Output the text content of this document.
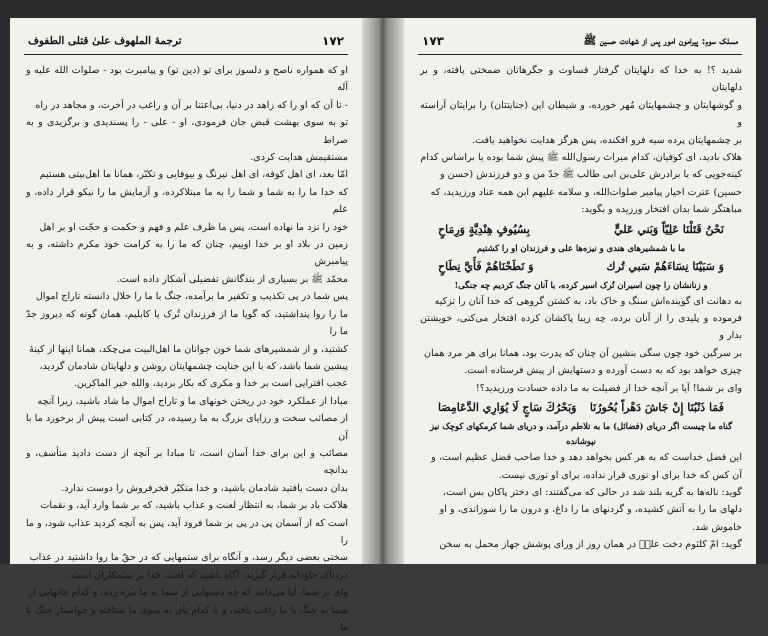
۱۷۲
ترجمهٔ الملهوف علیٰ قتلی الطفوف

او که همواره ناصح و دلسوز برای تو (دین تو) و پیامبرت بود - صلوات الله علیه و آله

- تا آن که او را که زاهد در دنیا، بی‌اعتنا بر آن و راغب در آخرت، و مجاهد در راه

تو به سوی بهشت قبض جان فرمودی، او - علی - را پسندیدی و برگزیدی و به صراط

مستقیمش هدایت کردی.

امّا بعد، ای اهل کوفه، ای اهل نیرنگ و بیوفایی و تکبّر، همانا ما اهل‌بیتی هستیم

که خدا ما را به شما و شما را به ما مبتلاکرده، و آزمایش ما را نیکو قرار داده، و علم

خود را نزد ما نهاده است، پس ما ظرف علم و فهم و حکمت و حجّت او بر اهل

زمین در بلاد او بر خدا اوییم، چنان که ما را به کرامت خود مکرم داشته، و به پیامبرش

محمّد ﷺ بر بسیاری از بندگانش تفضیلی آشکار داده است.

پس شما در پی تکذیب و تکفیر ما برآمده، جنگ با ما را حلال دانسته تاراج اموال

ما را روا پنداشتید، که گویا ما از فرزندان تُرک یا کابلیم، همان گونه که دیروز جدّ ما را

کشتید، و از شمشیرهای شما خون جوانان ما اهل‌البیت می‌چکد، همانا اینها از کینهٔ

پیشین شما باشد، که با این جنایت چشمهایتان روشن و دلهایتان شادمان گردید،

عجب افترایی است بر خدا و مکری که بکار بردید، والله خیر الماکرین.

مبادا از عملکرد خود در ریختن خونهای ما و تاراج اموال ما شاد باشید، زیرا آنچه

از مصائب سخت و رزایای بزرگ به ما رسیده، در کتابی است پیش از برخورد ما با آن

مصائب و این برای خدا آسان است، تا مبادا بر آنچه از دست دادید متأسف، و بدانچه

بدان دست یافتید شادمان باشید، و خدا متکبّر فخرفروش را دوست ندارد.

هلاکت باد بر شما، به انتظار لعنت و عذاب باشید، که بر شما وارد آید، و نقمات

است که از آسمان پی در پی بر شما فرود آید، پس به آنچه کردید عذاب شود، و ما را

سختی بعضی دیگر رسد، و آنگاه برای ستمهایی که در حقّ ما روا داشتید در عذاب

دردناک جاودانه قرار گیرید، آگاه باشید که لعنت خدا بر ستمکاران است.

وای بر شما، آیا می‌دانید که چه دستهایی از شما به ما نیزه زده، و کدام جانهایی از

شما به جنگ با ما راغب یافته، و با کدام پای به سوی ما شتافته و خواستار جنگ با ما

۱۷۳	مسلک سوم: پیرامون امور پس از شهادت حسین ﷺ

شدید ؟! به خدا که دلهایتان گرفتار قساوت و جگرهاتان ضمختی یافته، و بر دلهایتان

و گوشهایتان و چشمهایتان مُهر خورده، و شیطان این (جنایتتان) را برایتان آراسته و

بر چشمهایتان پرده سیه فرو افکنده، پس هرگز هدایت نخواهید یافت.

هلاک بادید، ای کوفیان، کدام میراث رسول‌الله ﷺ پیش شما بوده یا براساس کدام

کینه‌جویی که با برادرش علی‌بن ابی طالب ﷺ جدّ من و دو فرزندش (حسن و

حسین) عترت اخیار پیامبر صلوات‌الله، و سلامه علیهم ابن همه عناد ورزیدید، که

مباهتگر شما بدان افتخار ورزیده و بگوید:

نَحْنُ قَتَلْنَا عَلِيّاً وَبَني عَليٍّ
بِسُيُوفٍ هِنْدِيَّةٍ وَرِمَاحٍ
ما با شمشیرهای هندی و نیزه‌ها علی و فرزندان او را کشتیم
وَ سَبَيْنَا نِسَاءَهُمْ سَبي تُرك
وَ نَطَحْنَاهُمْ فَأَيَّ نِطَاحٍ
و زنانشان را چون اسیران تُرک اسیر کرده، با آنان جنگ کردیم چه جنگی!

به دهانت ای گوینده‌اش سنگ و خاک باد، به کشتن گروهی که خدا آنان را تزکیه

فرموده و پلیدی را از آنان برده، چه زیبا پاکشان کرده افتخار می‌کنی، خویشتن بدار و

بر سرگین خود چون سگی بنشین آن چنان که پدرت بود، همانا برای هر مرد همان

چیزی خواهد بود که به دست آورده و دستهایش از پیش فرستاده است.

وای بر شما! آیا بر آنچه خدا از فضیلت به ما داده حسادت ورزیدید؟!

فَمَا ذَنْبُنَا إِنْ جَاشَ دَهْراً بُحُورُنَا
وَبَحْرُكَ سَاجٍ لَا يُوَارِي الدَّعَامِصَا
گناه ما چیست اگر دریای (فضائل) ما به تلاطم درآمد، و دریای شما کرمکهای کوچک نیز نپوشانده

این فضل خداست که به هر کس بخواهد دهد و خدا صاحب فضل عظیم است، و

آن کس که خدا برای او نوری قرار نداده، برای او نوری نیست.

گوید: ناله‌ها به گریه بلند شد در حالی که می‌گفتند: ای دختر پاکان بس است،

دلهای ما را به آتش کشیده، و گردنهای ما را داغ، و درون ما را سوزاندی، و او

خاموش شد.

گوید: امّ کلثوم دخت علیؑ در همان روز از ورای پوشش جهاز محمل به سخن
